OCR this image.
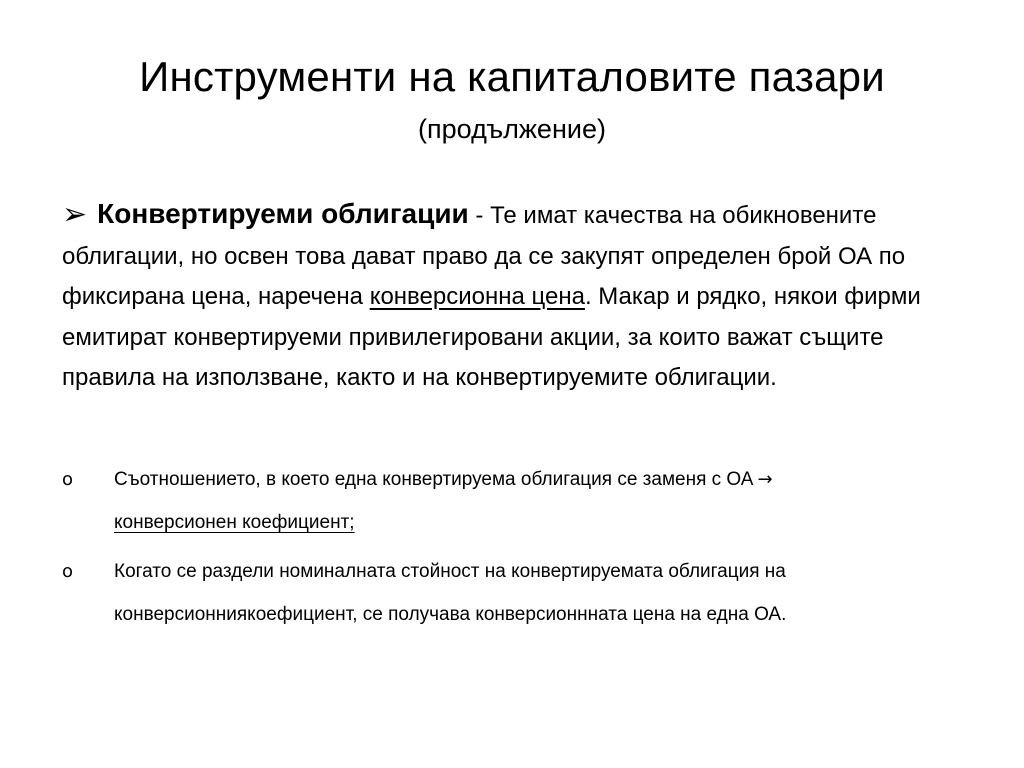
Инструменти на капиталовите пазари
(продължение)
➢ Конвертируеми облигации - Те имат качества на обикновените облигации, но освен това дават право да се закупят определен брой ОА по фиксирана цена, наречена конверсионна цена. Макар и рядко, някои фирми емитират конвертируеми привилегировани акции, за които важат същите правила на използване, както и на конвертируемите облигации.
o Съотношението, в което една конвертируема облигация се заменя с ОА →
конверсионен коефициент;
o Когато се раздели номиналната стойност на конвертируемата облигация на конверсионниякоефициент, се получава конверсионнната цена на една ОА.
